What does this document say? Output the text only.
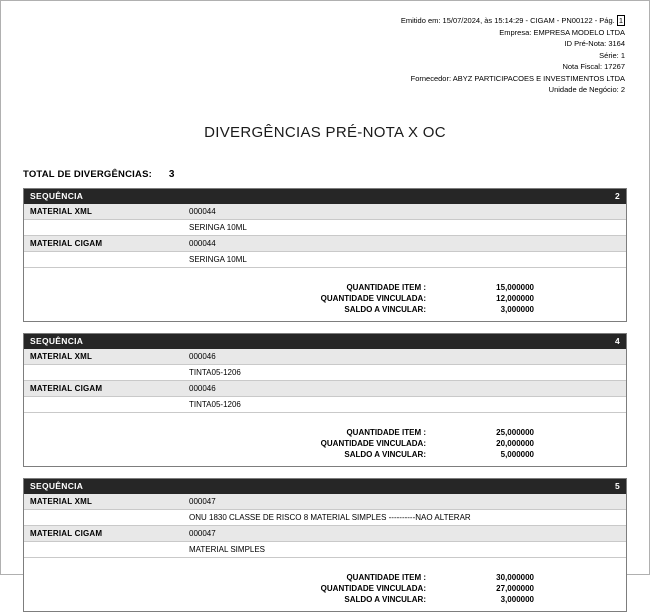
Emitido em: 15/07/2024, às 15:14:29 - CIGAM - PN00122 - Pág. 1
Empresa: EMPRESA MODELO LTDA
ID Pré-Nota: 3164
Série: 1
Nota Fiscal: 17267
Fornecedor: ABYZ PARTICIPACOES E INVESTIMENTOS LTDA
Unidade de Negócio: 2
DIVERGÊNCIAS PRÉ-NOTA X OC
TOTAL DE DIVERGÊNCIAS: 3
SEQUÊNCIA	2
MATERIAL XML	000044
SERINGA 10ML
MATERIAL CIGAM	000044
SERINGA 10ML
QUANTIDADE ITEM :	15,000000
QUANTIDADE VINCULADA:	12,000000
SALDO A VINCULAR:	3,000000
SEQUÊNCIA	4
MATERIAL XML	000046
TINTA05-1206
MATERIAL CIGAM	000046
TINTA05-1206
QUANTIDADE ITEM :	25,000000
QUANTIDADE VINCULADA:	20,000000
SALDO A VINCULAR:	5,000000
SEQUÊNCIA	5
MATERIAL XML	000047
ONU 1830 CLASSE DE RISCO 8 MATERIAL SIMPLES ----------NAO ALTERAR
MATERIAL CIGAM	000047
MATERIAL SIMPLES
QUANTIDADE ITEM :	30,000000
QUANTIDADE VINCULADA:	27,000000
SALDO A VINCULAR:	3,000000
